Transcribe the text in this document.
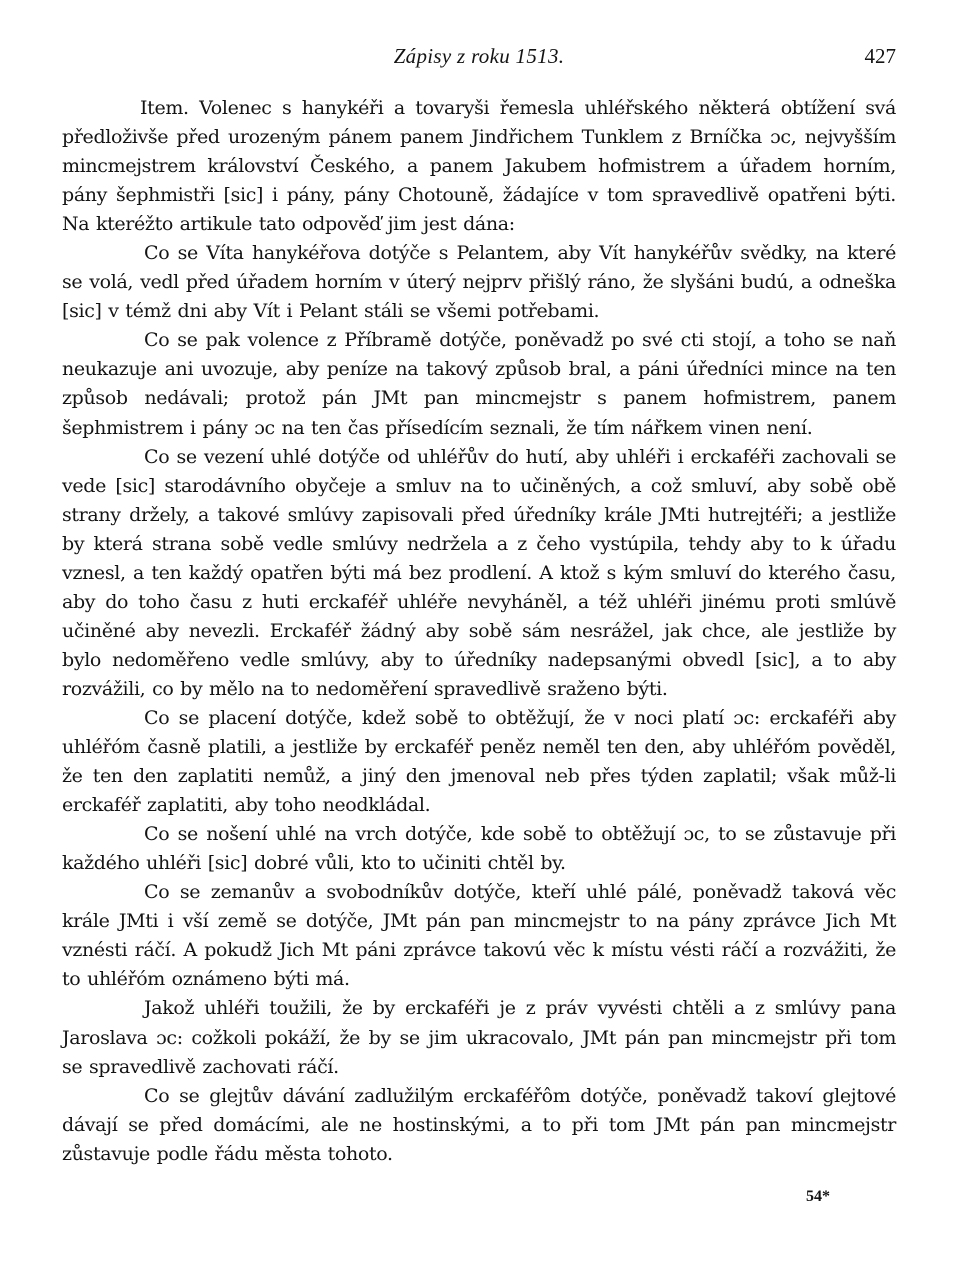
Zápisy z roku 1513.	427

Item. Volenec s hanykéři a tovaryši řemesla uhléřského některá obtížení svá předloživše před urozeným pánem panem Jindřichem Tunklem z Brníčka ɔc, nejvyšším mincmejstrem království Českého, a panem Jakubem hofmistrem a úřadem horním, pány šephmistři [sic] i pány, pány Chotouně, žádajíce v tom spravedlivě opatřeni býti. Na kteréžto artikule tato odpověď jim jest dána:

Co se Víta hanykéřova dotýče s Pelantem, aby Vít hanykéřův svědky, na které se volá, vedl před úřadem horním v úterý nejprv přišlý ráno, že slyšáni budú, a odneška [sic] v témž dni aby Vít i Pelant stáli se všemi potřebami.

Co se pak volence z Příbramě dotýče, poněvadž po své cti stojí, a toho se naň neukazuje ani uvozuje, aby peníze na takový způsob bral, a páni úředníci mince na ten způsob nedávali; protož pán JMt pan mincmejstr s panem hofmistrem, panem šephmistrem i pány ɔc na ten čas přísedícím seznali, že tím nářkem vinen není.

Co se vezení uhlé dotýče od uhléřův do hutí, aby uhléři i erckaféři zachovali se vede [sic] starodávního obyčeje a smluv na to učiněných, a což smluví, aby sobě obě strany držely, a takové smlúvy zapisovali před úředníky krále JMti hutrejtéři; a jestliže by která strana sobě vedle smlúvy nedržela a z čeho vystúpila, tehdy aby to k úřadu vznesl, a ten každý opatřen býti má bez prodlení. A ktož s kým smluví do kterého času, aby do toho času z huti erckaféř uhléře nevyháněl, a též uhléři jinému proti smlúvě učiněné aby nevezli. Erckaféř žádný aby sobě sám nesrážel, jak chce, ale jestliže by bylo nedoměřeno vedle smlúvy, aby to úředníky nadepsanými obvedl [sic], a to aby rozvážili, co by mělo na to nedoměření spravedlivě sraženo býti.

Co se placení dotýče, kdež sobě to obtěžují, že v noci platí ɔc: erckaféři aby uhléřóm časně platili, a jestliže by erckaféř peněz neměl ten den, aby uhléřóm pověděl, že ten den zaplatiti nemůž, a jiný den jmenoval neb přes týden zaplatil; však můž-li erckaféř zaplatiti, aby toho neodkládal.

Co se nošení uhlé na vrch dotýče, kde sobě to obtěžují ɔc, to se zůstavuje při každého uhléři [sic] dobré vůli, kto to učiniti chtěl by.

Co se zemanův a svobodníkův dotýče, kteří uhlé pálé, poněvadž taková věc krále JMti i vší země se dotýče, JMt pán pan mincmejstr to na pány zprávce Jich Mt vznésti ráčí. A pokudž Jich Mt páni zprávce takovú věc k místu vésti ráčí a rozvážiti, že to uhléřóm oznámeno býti má.

Jakož uhléři toužili, že by erckaféři je z práv vyvésti chtěli a z smlúvy pana Jaroslava ɔc: cožkoli pokáží, že by se jim ukracovalo, JMt pán pan mincmejstr při tom se spravedlivě zachovati ráčí.

Co se glejtův dávání zadlužilým erckaféřôm dotýče, poněvadž takoví glejtové dávají se před domácími, ale ne hostinskými, a to při tom JMt pán pan mincmejstr zůstavuje podle řádu města tohoto.

54*
